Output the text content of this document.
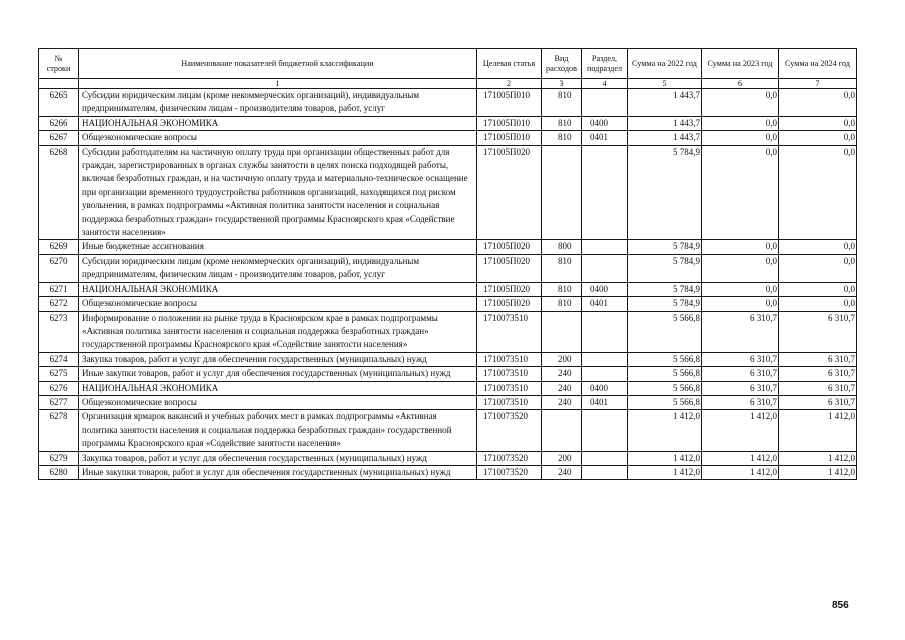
№ строки	Наименование показателей бюджетной классификации	Целевая статья	Вид расходов	Раздел, подраздел	Сумма на 2022 год	Сумма на 2023 год	Сумма на 2024 год
	1	2	3	4	5	6	7
6265	Субсидии юридическим лицам (кроме некоммерческих организаций), индивидуальным предпринимателям, физическим лицам - производителям товаров, работ, услуг	171005П010	810		1 443,7	0,0	0,0
6266	НАЦИОНАЛЬНАЯ ЭКОНОМИКА	171005П010	810	0400	1 443,7	0,0	0,0
6267	Общеэкономические вопросы	171005П010	810	0401	1 443,7	0,0	0,0
6268	Субсидии работодателям на частичную оплату труда при организации общественных работ для граждан, зарегистрированных в органах службы занятости в целях поиска подходящей работы, включая безработных граждан, и на частичную оплату труда и материально-техническое оснащение при организации временного трудоустройства работников организаций, находящихся под риском увольнения, в рамках подпрограммы «Активная политика занятости населения и социальная поддержка безработных граждан» государственной программы Красноярского края «Содействие занятости населения»	171005П020			5 784,9	0,0	0,0
6269	Иные бюджетные ассигнования	171005П020	800		5 784,9	0,0	0,0
6270	Субсидии юридическим лицам (кроме некоммерческих организаций), индивидуальным предпринимателям, физическим лицам - производителям товаров, работ, услуг	171005П020	810		5 784,9	0,0	0,0
6271	НАЦИОНАЛЬНАЯ ЭКОНОМИКА	171005П020	810	0400	5 784,9	0,0	0,0
6272	Общеэкономические вопросы	171005П020	810	0401	5 784,9	0,0	0,0
6273	Информирование о положении на рынке труда в Красноярском крае в рамках подпрограммы «Активная политика занятости населения и социальная поддержка безработных граждан» государственной программы Красноярского края «Содействие занятости населения»	1710073510			5 566,8	6 310,7	6 310,7
6274	Закупка товаров, работ и услуг для обеспечения государственных (муниципальных) нужд	1710073510	200		5 566,8	6 310,7	6 310,7
6275	Иные закупки товаров, работ и услуг для обеспечения государственных (муниципальных) нужд	1710073510	240		5 566,8	6 310,7	6 310,7
6276	НАЦИОНАЛЬНАЯ ЭКОНОМИКА	1710073510	240	0400	5 566,8	6 310,7	6 310,7
6277	Общеэкономические вопросы	1710073510	240	0401	5 566,8	6 310,7	6 310,7
6278	Организация ярмарок вакансий и учебных рабочих мест в рамках подпрограммы «Активная политика занятости населения и социальная поддержка безработных граждан» государственной программы Красноярского края «Содействие занятости населения»	1710073520			1 412,0	1 412,0	1 412,0
6279	Закупка товаров, работ и услуг для обеспечения государственных (муниципальных) нужд	1710073520	200		1 412,0	1 412,0	1 412,0
6280	Иные закупки товаров, работ и услуг для обеспечения государственных (муниципальных) нужд	1710073520	240		1 412,0	1 412,0	1 412,0
856
